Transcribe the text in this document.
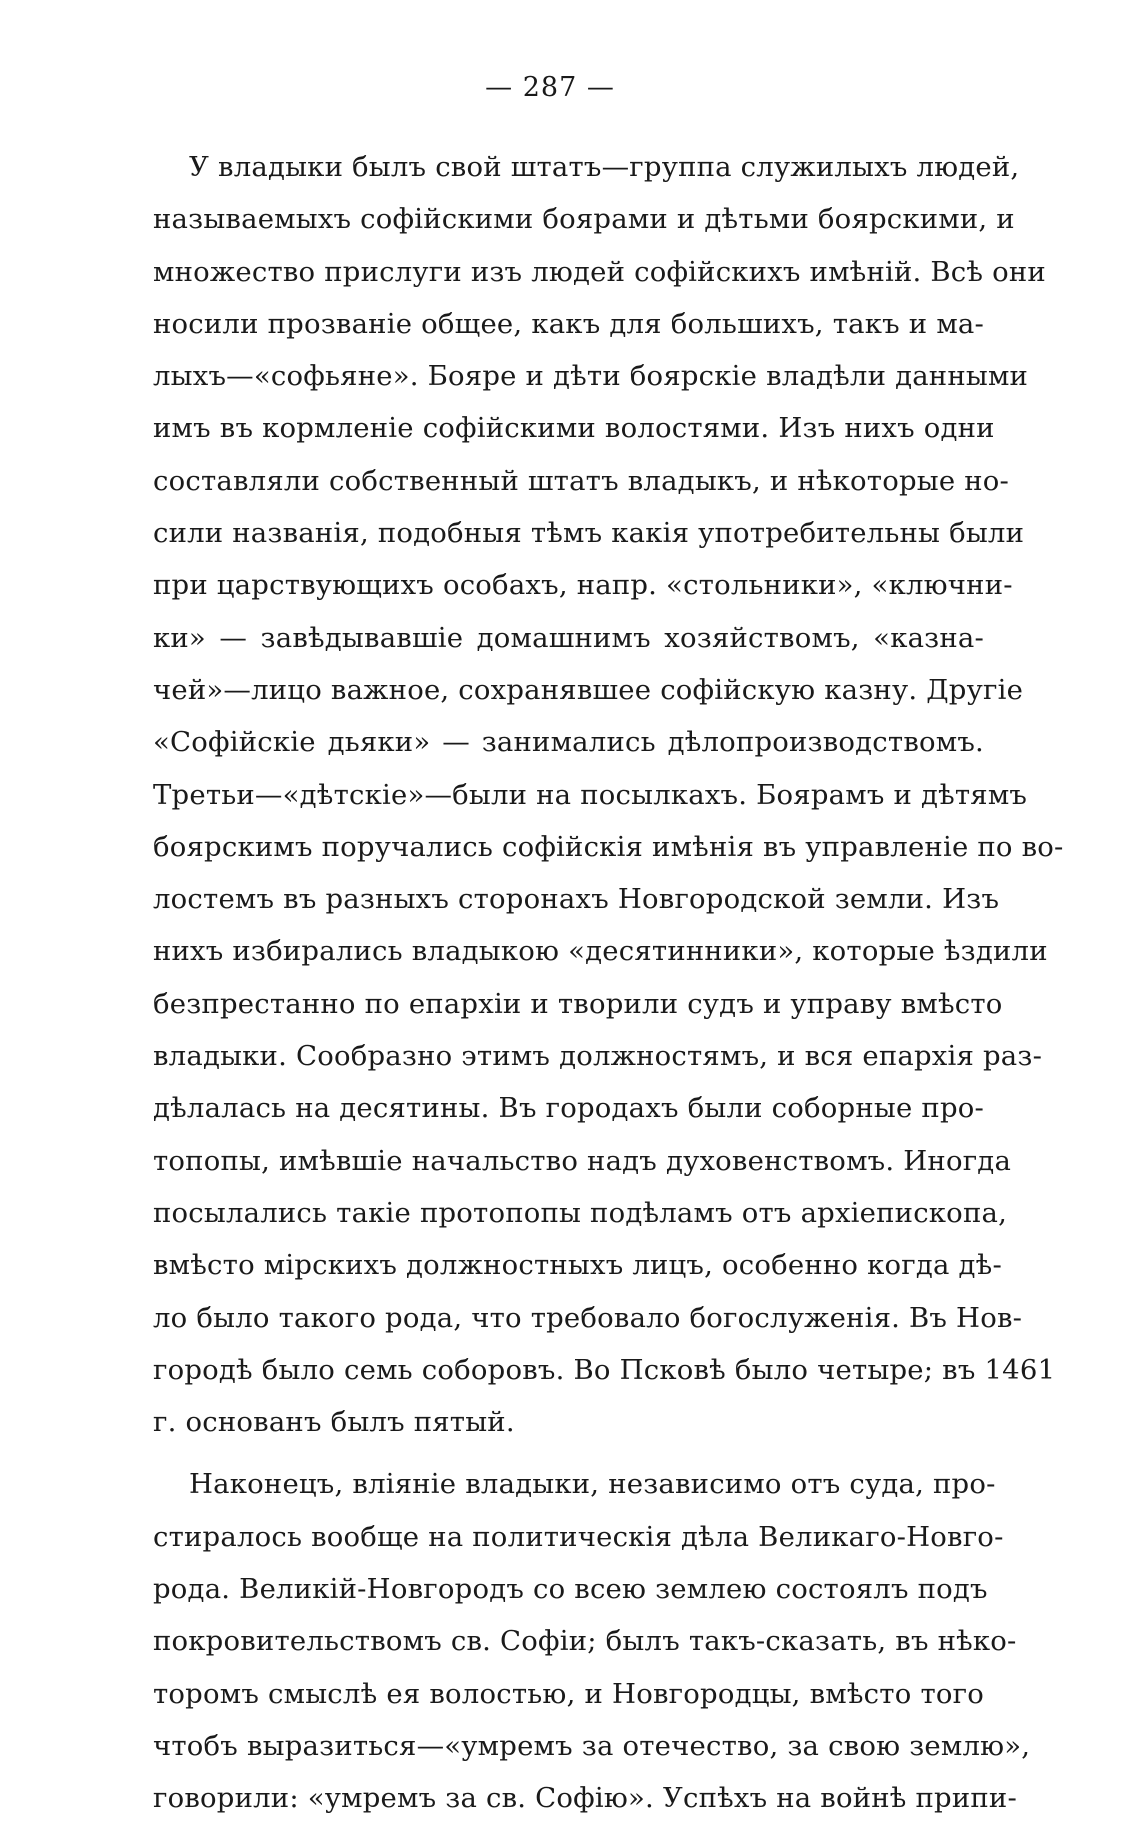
— 287 —
У владыки былъ свой штатъ—группа служилыхъ людей,
называемыхъ софійскими боярами и дѣтьми боярскими, и
множество прислуги изъ людей софійскихъ имѣній. Всѣ они
носили прозваніе общее, какъ для большихъ, такъ и ма-
лыхъ—«софьяне». Бояре и дѣти боярскіе владѣли данными
имъ въ кормленіе софійскими волостями. Изъ нихъ одни
составляли собственный штатъ владыкъ, и нѣкоторые но-
сили названія, подобныя тѣмъ какія употребительны были
при царствующихъ особахъ, напр. «стольники», «ключни-
ки» — завѣдывавшіе домашнимъ хозяйствомъ, «казна-
чей»—лицо важное, сохранявшее софійскую казну. Другіе
«Софійскіе дьяки» — занимались дѣлопроизводствомъ.
Третьи—«дѣтскіе»—были на посылкахъ. Боярамъ и дѣтямъ
боярскимъ поручались софійскія имѣнія въ управленіе по во-
лостемъ въ разныхъ сторонахъ Новгородской земли. Изъ
нихъ избирались владыкою «десятинники», которые ѣздили
безпрестанно по епархіи и творили судъ и управу вмѣсто
владыки. Сообразно этимъ должностямъ, и вся епархія раз-
дѣлалась на десятины. Въ городахъ были соборные про-
топопы, имѣвшіе начальство надъ духовенствомъ. Иногда
посылались такіе протопопы подѣламъ отъ архіепископа,
вмѣсто мірскихъ должностныхъ лицъ, особенно когда дѣ-
ло было такого рода, что требовало богослуженія. Въ Нов-
городѣ было семь соборовъ. Во Псковѣ было четыре; въ 1461
г. основанъ былъ пятый.
Наконецъ, вліяніе владыки, независимо отъ суда, про-
стиралось вообще на политическія дѣла Великаго-Новго-
рода. Великій-Новгородъ со всею землею состоялъ подъ
покровительствомъ св. Софіи; былъ такъ-сказать, въ нѣко-
торомъ смыслѣ ея волостью, и Новгородцы, вмѣсто того
чтобъ выразиться—«умремъ за отечество, за свою землю»,
говорили: «умремъ за св. Софію». Успѣхъ на войнѣ припи-
